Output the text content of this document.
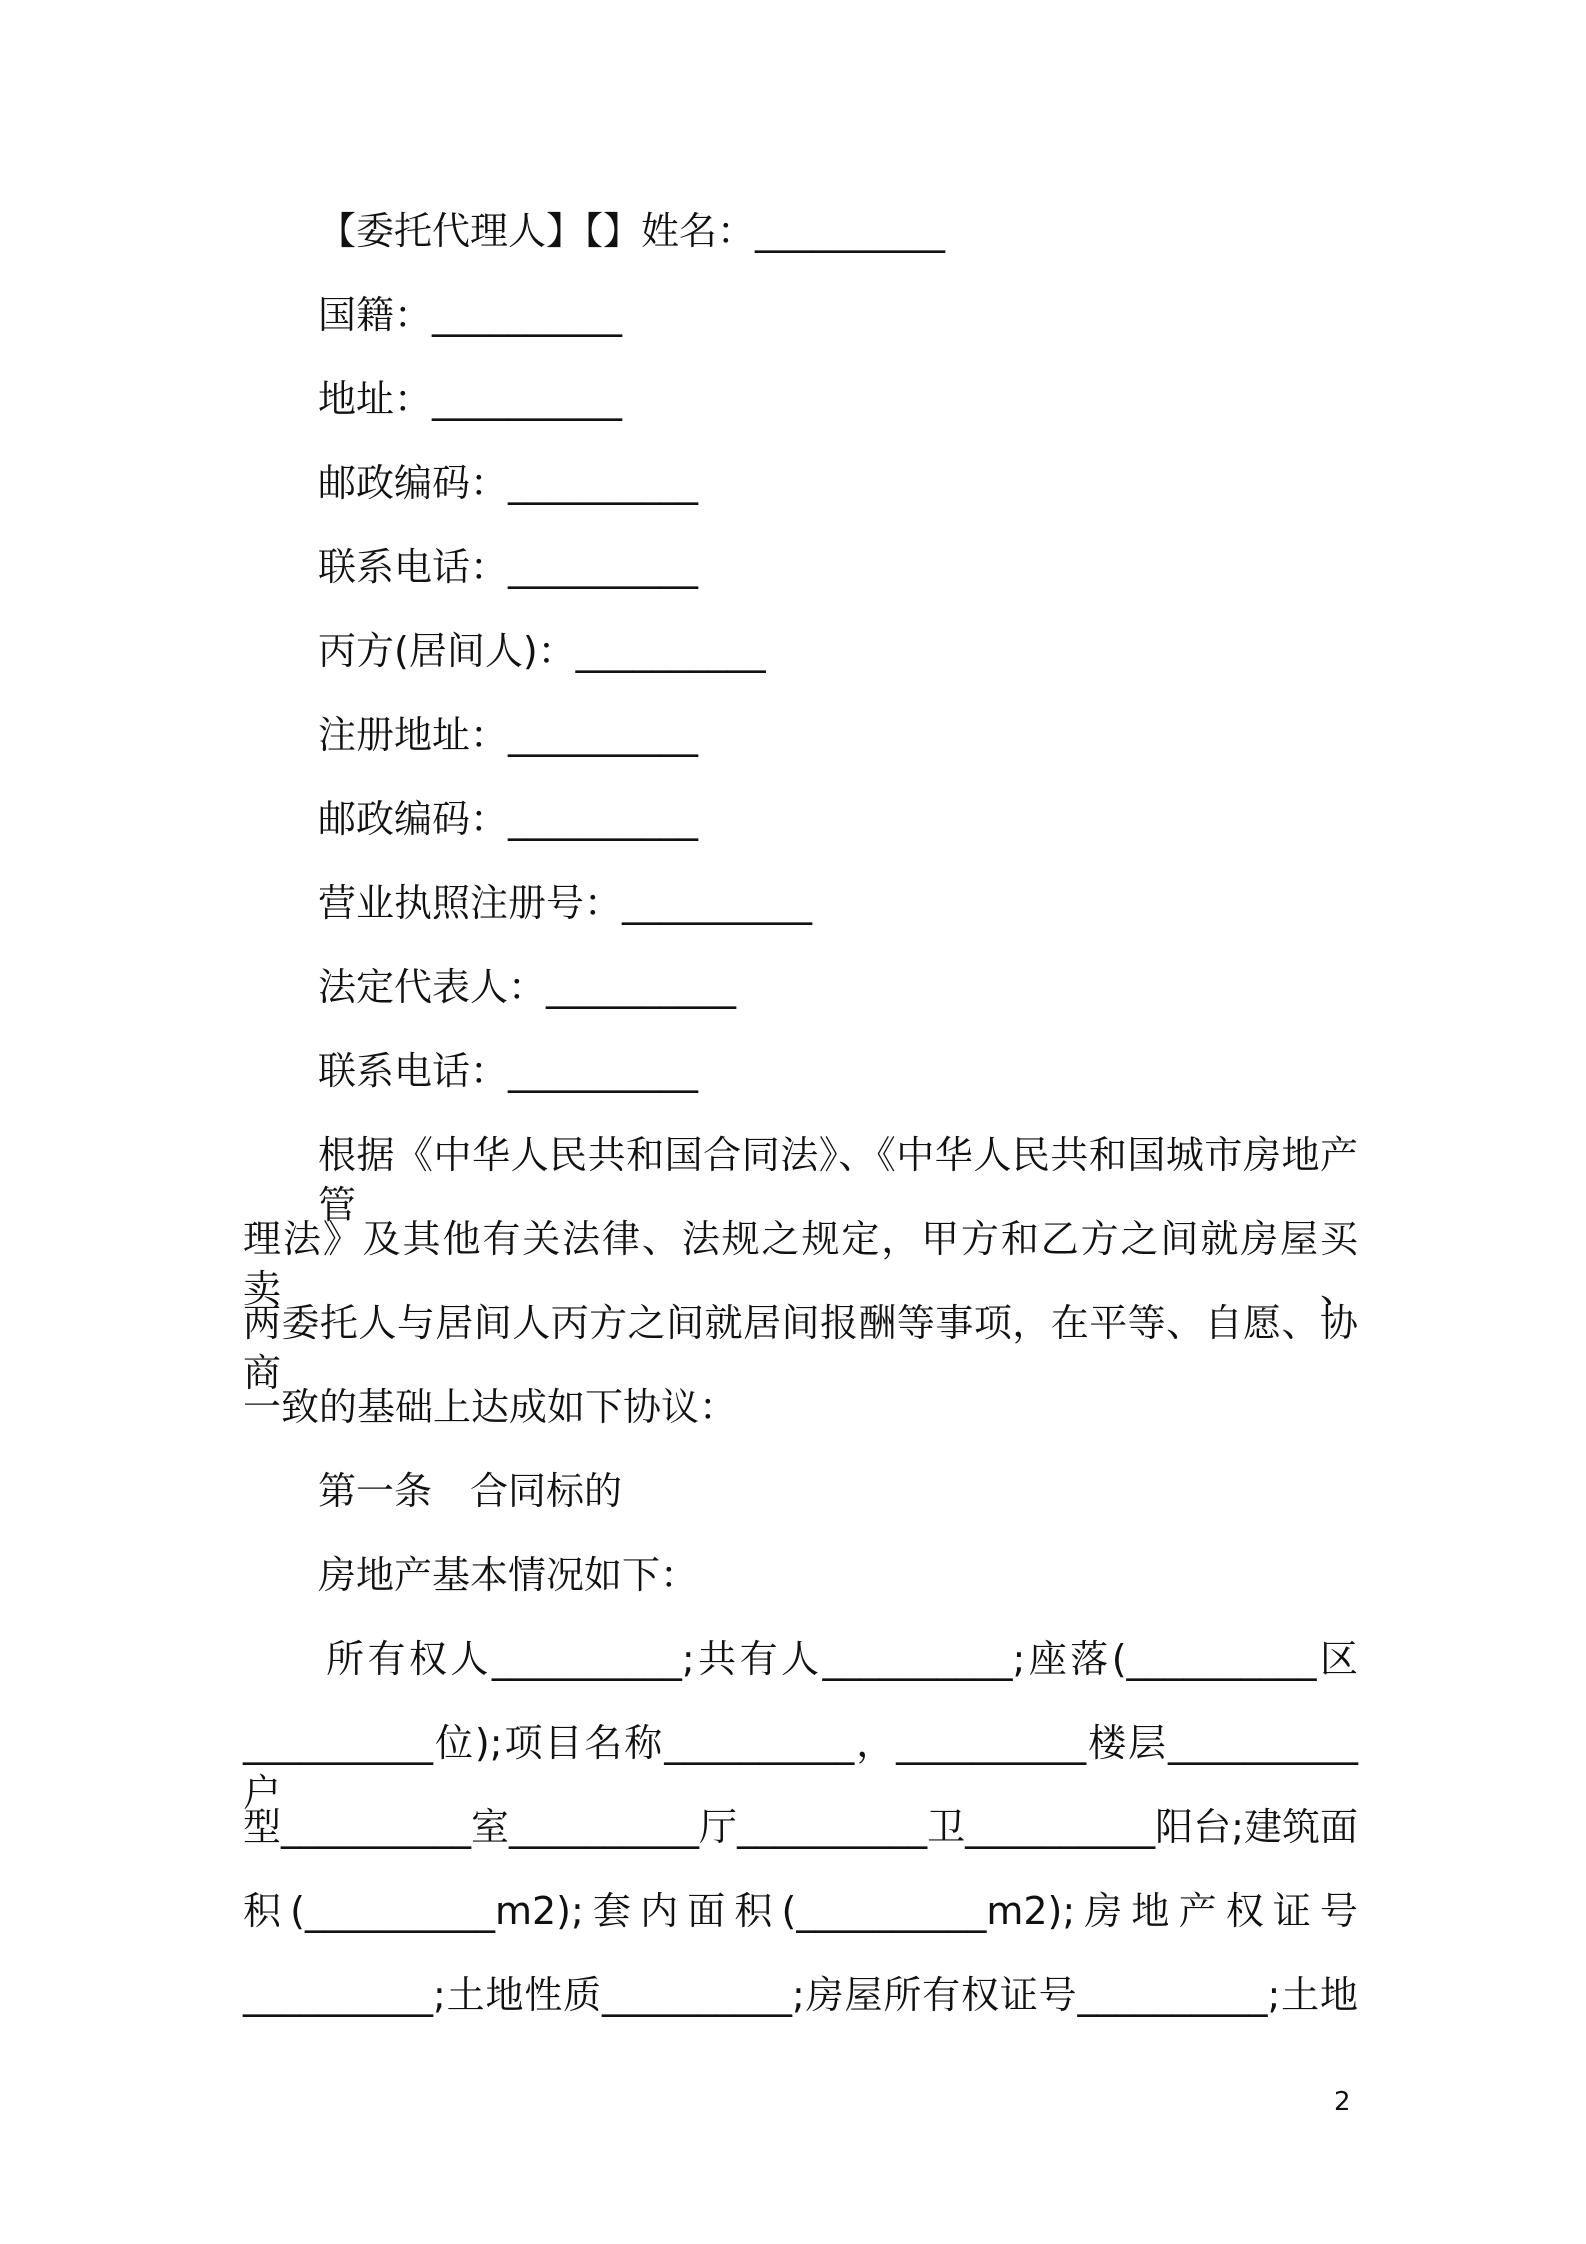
【委托代理人】【】姓名：__________
国籍：__________
地址：__________
邮政编码：__________
联系电话：__________
丙方(居间人)：__________
注册地址：__________
邮政编码：__________
营业执照注册号：__________
法定代表人：__________
联系电话：__________
根据《中华人民共和国合同法》、《中华人民共和国城市房地产管
理法》及其他有关法律、法规之规定，甲方和乙方之间就房屋买卖、
两委托人与居间人丙方之间就居间报酬等事项，在平等、自愿、协商
一致的基础上达成如下协议：
第一条　合同标的
房地产基本情况如下：
所有权人__________;共有人__________;座落(__________区
__________位);项目名称__________，__________楼层__________户
型__________室__________厅__________卫__________阳台;建筑面
积(__________m2);套内面积(__________m2);房地产权证号
__________;土地性质__________;房屋所有权证号__________;土地
2
